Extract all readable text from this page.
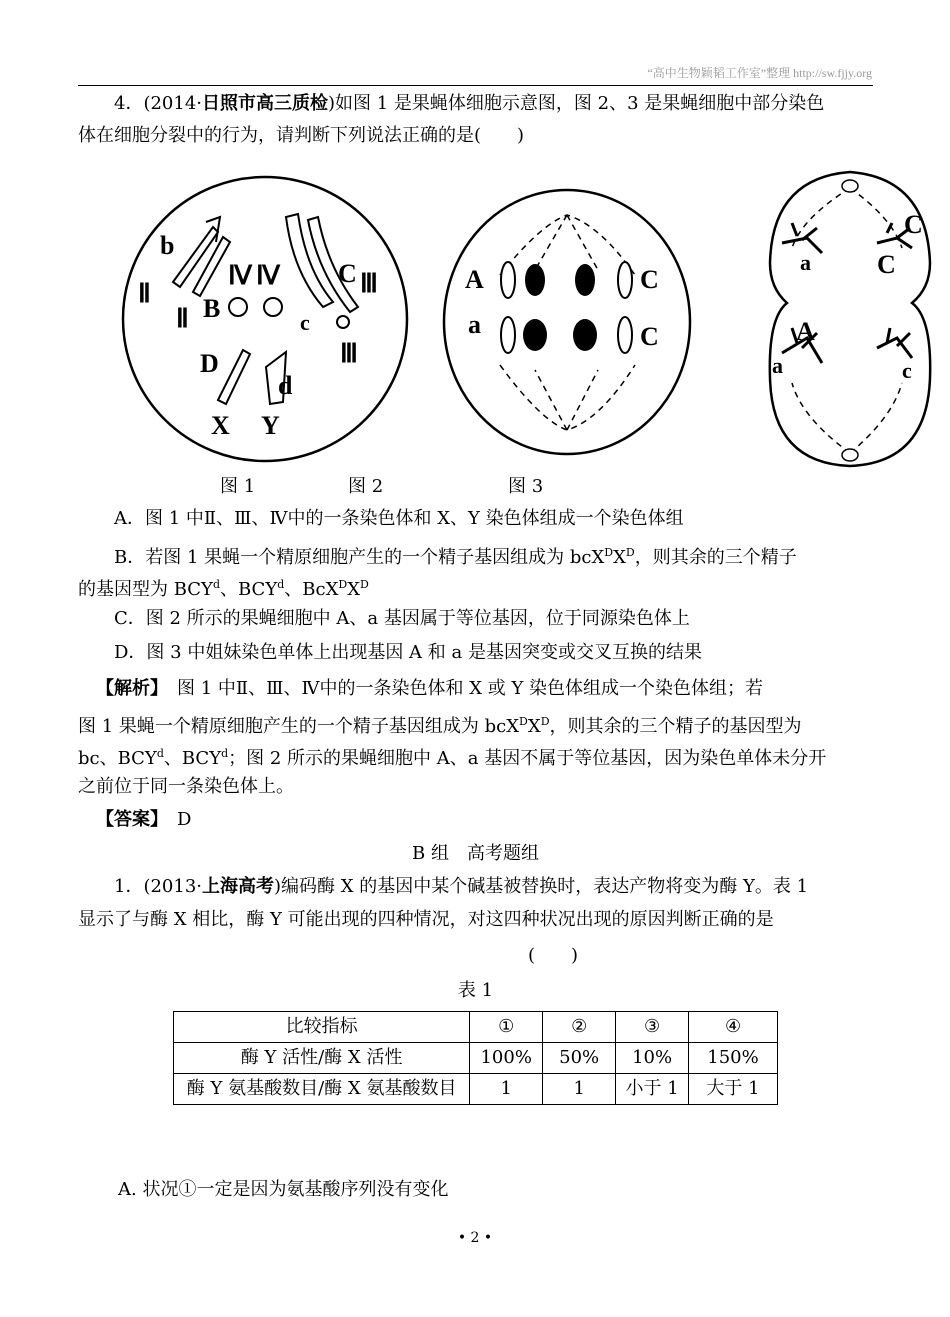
“高中生物颖韬工作室”整理 http://sw.fjjy.org
4．(2014·日照市高三质检)如图 1 是果蝇体细胞示意图，图 2、3 是果蝇细胞中部分染色
体在细胞分裂中的行为，请判断下列说法正确的是(　　)
b
Ⅱ
Ⅳ Ⅳ C Ⅲ
Ⅱ B	c
Ⅲ
D
d
X Y
A	C
a	C
C
a	C
A
a	c
图 1	图 2	图 3
A．图 1 中Ⅱ、Ⅲ、Ⅳ中的一条染色体和 X、Y 染色体组成一个染色体组
B．若图 1 果蝇一个精原细胞产生的一个精子基因组成为 $bcX^DX^D$，则其余的三个精子
的基因型为 BCY$^d$、BCY$^d$、$BcX^DX^D$
C．图 2 所示的果蝇细胞中 A、a 基因属于等位基因，位于同源染色体上
D．图 3 中姐妹染色单体上出现基因 A 和 a 是基因突变或交叉互换的结果
【解析】　图 1 中Ⅱ、Ⅲ、Ⅳ中的一条染色体和 X 或 Y 染色体组成一个染色体组；若
图 1 果蝇一个精原细胞产生的一个精子基因组成为 $bcX^DX^D$，则其余的三个精子的基因型为
bc、BCY$^d$、BCY$^d$；图 2 所示的果蝇细胞中 A、a 基因不属于等位基因，因为染色单体未分开
之前位于同一条染色体上。
【答案】　 D
B 组　高考题组
1．(2013·上海高考)编码酶 X 的基因中某个碱基被替换时，表达产物将变为酶 Y。表 1
显示了与酶 X 相比，酶 Y 可能出现的四种情况，对这四种状况出现的原因判断正确的是
(　　)
表 1
比较指标	①	②	③	④
酶 Y 活性/酶 X 活性	100%	50%	10%	150%
酶 Y 氨基酸数目/酶 X 氨基酸数目	1	1	小于 1	大于 1
A. 状况①一定是因为氨基酸序列没有变化
• 2 •
